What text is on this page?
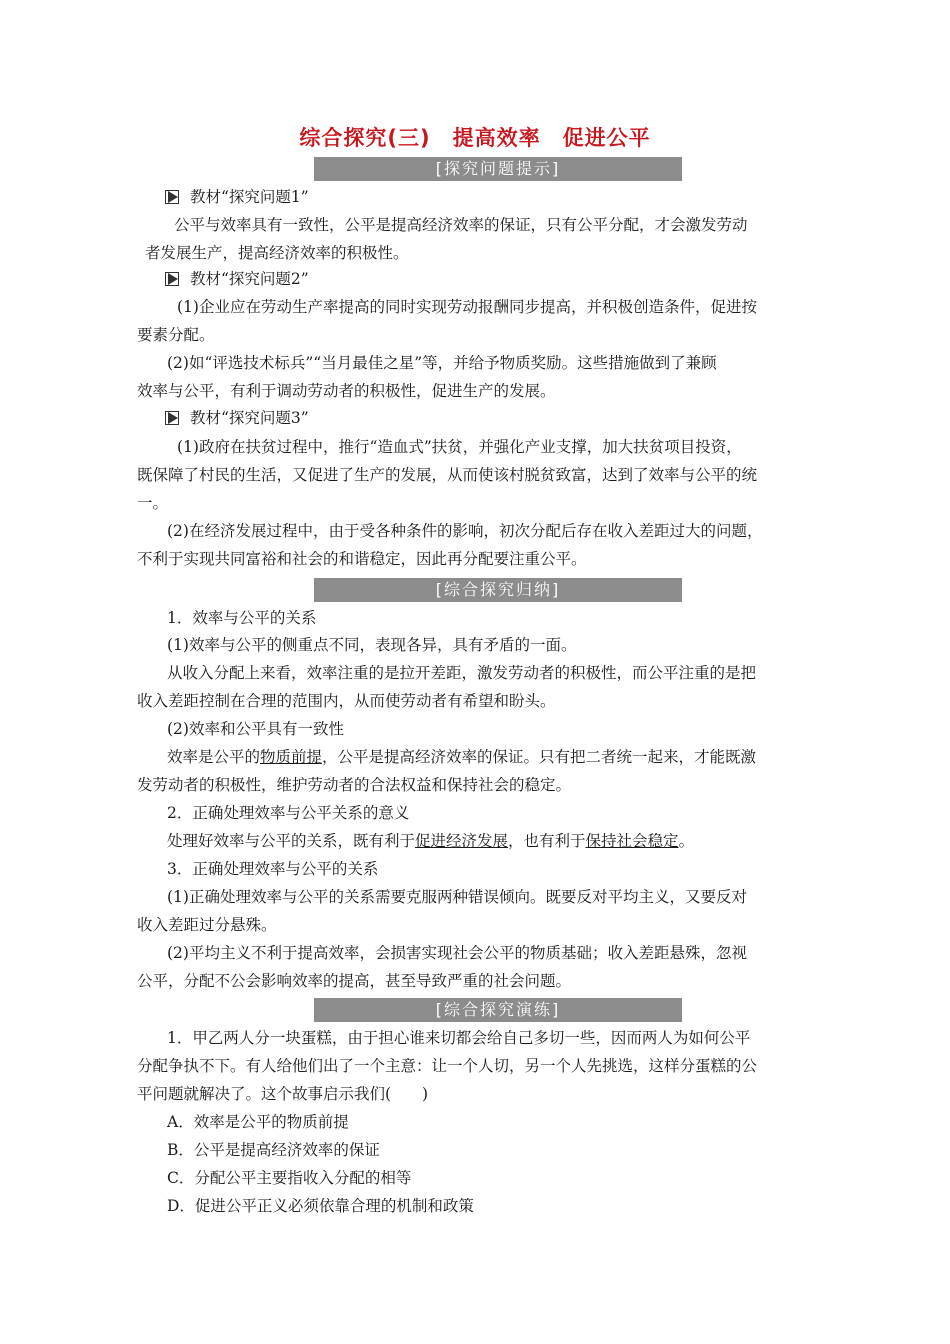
综合探究(三)　提高效率　促进公平
[探究问题提示]
教材“探究问题1”
公平与效率具有一致性，公平是提高经济效率的保证，只有公平分配，才会激发劳动
者发展生产，提高经济效率的积极性。
教材“探究问题2”
(1)企业应在劳动生产率提高的同时实现劳动报酬同步提高，并积极创造条件，促进按
要素分配。
(2)如“评选技术标兵”“当月最佳之星”等，并给予物质奖励。这些措施做到了兼顾
效率与公平，有利于调动劳动者的积极性，促进生产的发展。
教材“探究问题3”
(1)政府在扶贫过程中，推行“造血式”扶贫，并强化产业支撑，加大扶贫项目投资，
既保障了村民的生活，又促进了生产的发展，从而使该村脱贫致富，达到了效率与公平的统
一。
(2)在经济发展过程中，由于受各种条件的影响，初次分配后存在收入差距过大的问题，
不利于实现共同富裕和社会的和谐稳定，因此再分配要注重公平。
[综合探究归纳]
1．效率与公平的关系
(1)效率与公平的侧重点不同，表现各异，具有矛盾的一面。
从收入分配上来看，效率注重的是拉开差距，激发劳动者的积极性，而公平注重的是把
收入差距控制在合理的范围内，从而使劳动者有希望和盼头。
(2)效率和公平具有一致性
效率是公平的物质前提，公平是提高经济效率的保证。只有把二者统一起来，才能既激
发劳动者的积极性，维护劳动者的合法权益和保持社会的稳定。
2．正确处理效率与公平关系的意义
处理好效率与公平的关系，既有利于促进经济发展，也有利于保持社会稳定。
3．正确处理效率与公平的关系
(1)正确处理效率与公平的关系需要克服两种错误倾向。既要反对平均主义，又要反对
收入差距过分悬殊。
(2)平均主义不利于提高效率，会损害实现社会公平的物质基础；收入差距悬殊，忽视
公平，分配不公会影响效率的提高，甚至导致严重的社会问题。
[综合探究演练]
1．甲乙两人分一块蛋糕，由于担心谁来切都会给自己多切一些，因而两人为如何公平
分配争执不下。有人给他们出了一个主意：让一个人切，另一个人先挑选，这样分蛋糕的公
平问题就解决了。这个故事启示我们(　　)
A．效率是公平的物质前提
B．公平是提高经济效率的保证
C．分配公平主要指收入分配的相等
D．促进公平正义必须依靠合理的机制和政策
